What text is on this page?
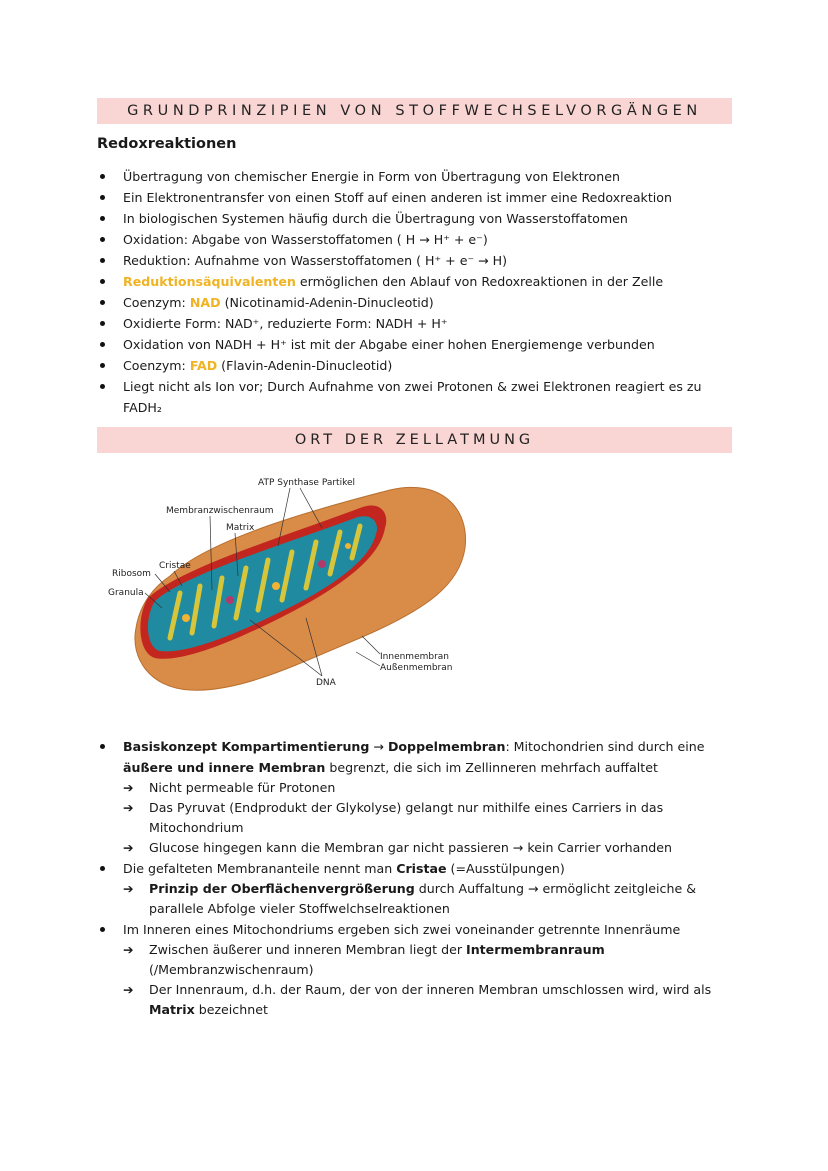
GRUNDPRINZIPIEN VON STOFFWECHSELVORGÄNGEN
Redoxreaktionen
Übertragung von chemischer Energie in Form von Übertragung von Elektronen
Ein Elektronentransfer von einen Stoff auf einen anderen ist immer eine Redoxreaktion
In biologischen Systemen häufig durch die Übertragung von Wasserstoffatomen
Oxidation: Abgabe von Wasserstoffatomen ( H → H⁺ + e⁻)
Reduktion: Aufnahme von Wasserstoffatomen ( H⁺ + e⁻ → H)
Reduktionsäquivalenten ermöglichen den Ablauf von Redoxreaktionen in der Zelle
Coenzym: NAD (Nicotinamid-Adenin-Dinucleotid)
Oxidierte Form: NAD⁺, reduzierte Form: NADH + H⁺
Oxidation von NADH + H⁺ ist mit der Abgabe einer hohen Energiemenge verbunden
Coenzym: FAD (Flavin-Adenin-Dinucleotid)
Liegt nicht als Ion vor; Durch Aufnahme von zwei Protonen & zwei Elektronen reagiert es zu FADH₂
ORT DER ZELLATMUNG
ATP Synthase Partikel
Membranzwischenraum
Matrix
Cristae
Ribosom
Granula
Innenmembran
Außenmembran
DNA
Basiskonzept Kompartimentierung → Doppelmembran: Mitochondrien sind durch eine äußere und innere Membran begrenzt, die sich im Zellinneren mehrfach auffaltet
➔ Nicht permeable für Protonen
➔ Das Pyruvat (Endprodukt der Glykolyse) gelangt nur mithilfe eines Carriers in das Mitochondrium
➔ Glucose hingegen kann die Membran gar nicht passieren → kein Carrier vorhanden
Die gefalteten Membrananteile nennt man Cristae (=Ausstülpungen)
➔ Prinzip der Oberflächenvergrößerung durch Auffaltung → ermöglicht zeitgleiche & parallele Abfolge vieler Stoffwelchselreaktionen
Im Inneren eines Mitochondriums ergeben sich zwei voneinander getrennte Innenräume
➔ Zwischen äußerer und inneren Membran liegt der Intermembranraum (/Membranzwischenraum)
➔ Der Innenraum, d.h. der Raum, der von der inneren Membran umschlossen wird, wird als Matrix bezeichnet
